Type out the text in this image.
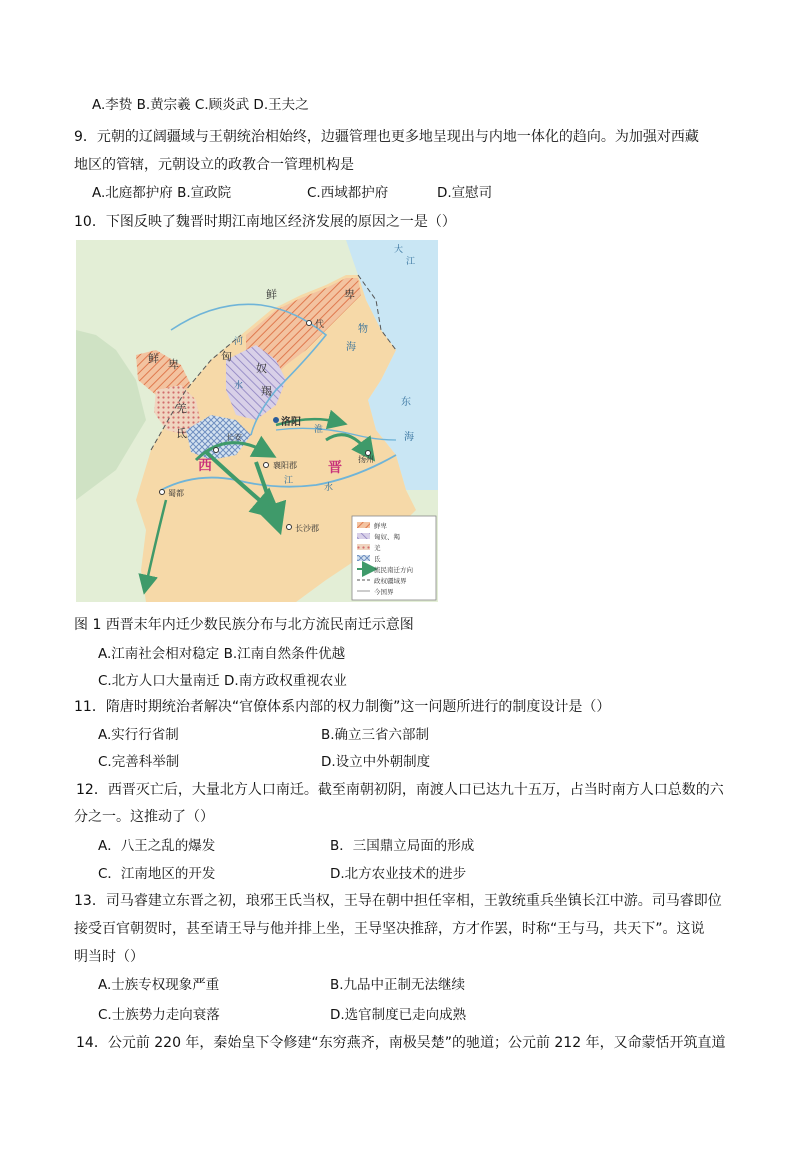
A.李贽 B.黄宗羲 C.顾炎武 D.王夫之
9．元朝的辽阔疆域与王朝统治相始终，边疆管理也更多地呈现出与内地一体化的趋向。为加强对西藏
地区的管辖，元朝设立的政教合一管理机构是
A.北庭都护府 B.宣政院	C.西域都护府	D.宣慰司
10．下图反映了魏晋时期江南地区经济发展的原因之一是（）
鲜	卑
代	物
海
东
海
鲜 卑
匈
奴
羯
羌
氐
河
水
洛阳
长安
襄阳郡
扬州
蜀都
长沙郡
西	晋
江
水
淮
大
江
鲜卑
匈奴、羯
羌
氐
流民南迁方向
政权疆域界
今国界
图 1 西晋末年内迁少数民族分布与北方流民南迁示意图
A.江南社会相对稳定 B.江南自然条件优越
C.北方人口大量南迁 D.南方政权重视农业
11．隋唐时期统治者解决“官僚体系内部的权力制衡”这一问题所进行的制度设计是（）
A.实行行省制	B.确立三省六部制
C.完善科举制	D.设立中外朝制度
12．西晋灭亡后，大量北方人口南迁。截至南朝初阴，南渡人口已达九十五万，占当时南方人口总数的六
分之一。这推动了（）
A．八王之乱的爆发	B．三国鼎立局面的形成
C．江南地区的开发	D.北方农业技术的进步
13．司马睿建立东晋之初，琅邪王氏当权，王导在朝中担任宰相，王敦统重兵坐镇长江中游。司马睿即位
接受百官朝贺时，甚至请王导与他并排上坐，王导坚决推辞，方才作罢，时称“王与马，共天下”。这说
明当时（）
A.士族专权现象严重	B.九品中正制无法继续
C.士族势力走向衰落	D.选官制度已走向成熟
14．公元前 220 年，秦始皇下令修建“东穷燕齐，南极吴楚”的驰道；公元前 212 年，又命蒙恬开筑直道
